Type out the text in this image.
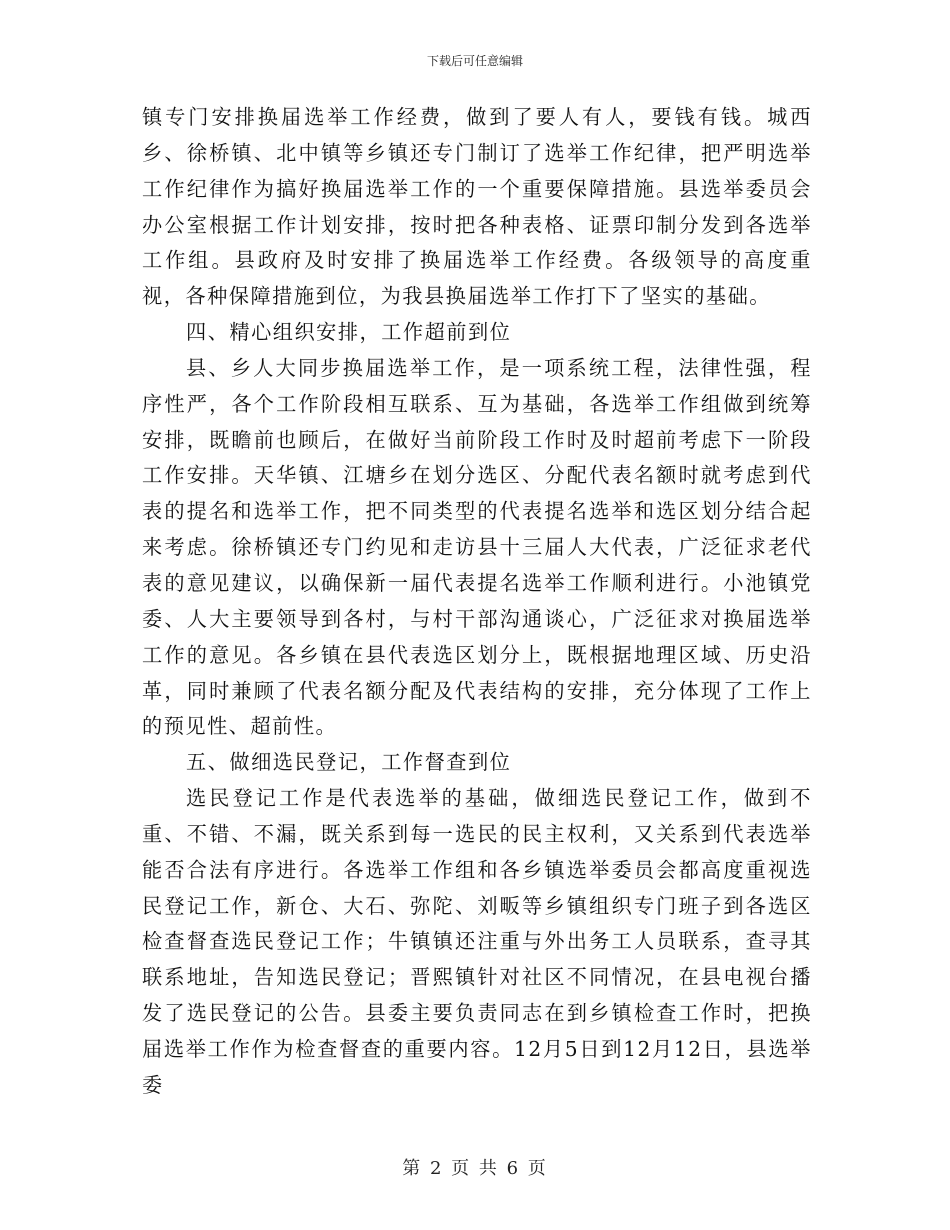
下载后可任意编辑

镇专门安排换届选举工作经费，做到了要人有人，要钱有钱。城西乡、徐桥镇、北中镇等乡镇还专门制订了选举工作纪律，把严明选举工作纪律作为搞好换届选举工作的一个重要保障措施。县选举委员会办公室根据工作计划安排，按时把各种表格、证票印制分发到各选举工作组。县政府及时安排了换届选举工作经费。各级领导的高度重视，各种保障措施到位，为我县换届选举工作打下了坚实的基础。

四、精心组织安排，工作超前到位

县、乡人大同步换届选举工作，是一项系统工程，法律性强，程序性严，各个工作阶段相互联系、互为基础，各选举工作组做到统筹安排，既瞻前也顾后，在做好当前阶段工作时及时超前考虑下一阶段工作安排。天华镇、江塘乡在划分选区、分配代表名额时就考虑到代表的提名和选举工作，把不同类型的代表提名选举和选区划分结合起来考虑。徐桥镇还专门约见和走访县十三届人大代表，广泛征求老代表的意见建议，以确保新一届代表提名选举工作顺利进行。小池镇党委、人大主要领导到各村，与村干部沟通谈心，广泛征求对换届选举工作的意见。各乡镇在县代表选区划分上，既根据地理区域、历史沿革，同时兼顾了代表名额分配及代表结构的安排，充分体现了工作上的预见性、超前性。

五、做细选民登记，工作督查到位

选民登记工作是代表选举的基础，做细选民登记工作，做到不重、不错、不漏，既关系到每一选民的民主权利，又关系到代表选举能否合法有序进行。各选举工作组和各乡镇选举委员会都高度重视选民登记工作，新仓、大石、弥陀、刘畈等乡镇组织专门班子到各选区检查督查选民登记工作；牛镇镇还注重与外出务工人员联系，查寻其联系地址，告知选民登记；晋熙镇针对社区不同情况，在县电视台播发了选民登记的公告。县委主要负责同志在到乡镇检查工作时，把换届选举工作作为检查督查的重要内容。12月5日到12月12日，县选举委

第 2 页 共 6 页
